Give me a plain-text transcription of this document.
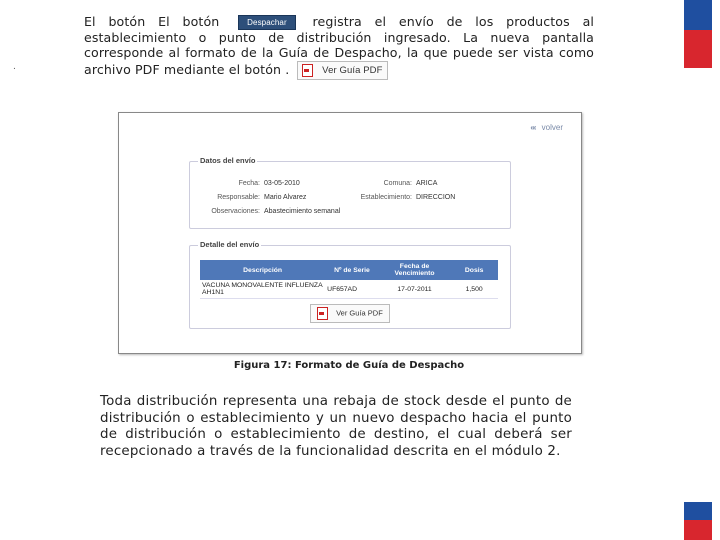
.

El botón El botón	Despachar registra el envío de los productos al establecimiento o punto de distribución ingresado. La nueva pantalla corresponde al formato de la Guía de Despacho, la que puede ser vista como archivo PDF mediante el botón .	Ver Guía PDF

‹‹‹ volver
Datos del envío
Fecha: 03-05-2010	Comuna: ARICA
Responsable: Mario Alvarez	Establecimiento: DIRECCION
Observaciones: Abastecimiento semanal
Detalle del envío
Descripción	Nº de Serie	Fecha de Vencimiento	Dosis
VACUNA MONOVALENTE INFLUENZA AH1N1	UF657AD	17-07-2011	1,500
Ver Guía PDF
Figura 17: Formato de Guía de Despacho
Toda distribución representa una rebaja de stock desde el punto de distribución o establecimiento y un nuevo despacho hacia el punto de distribución o establecimiento de destino, el cual deberá ser recepcionado a través de la funcionalidad descrita en el módulo 2.
